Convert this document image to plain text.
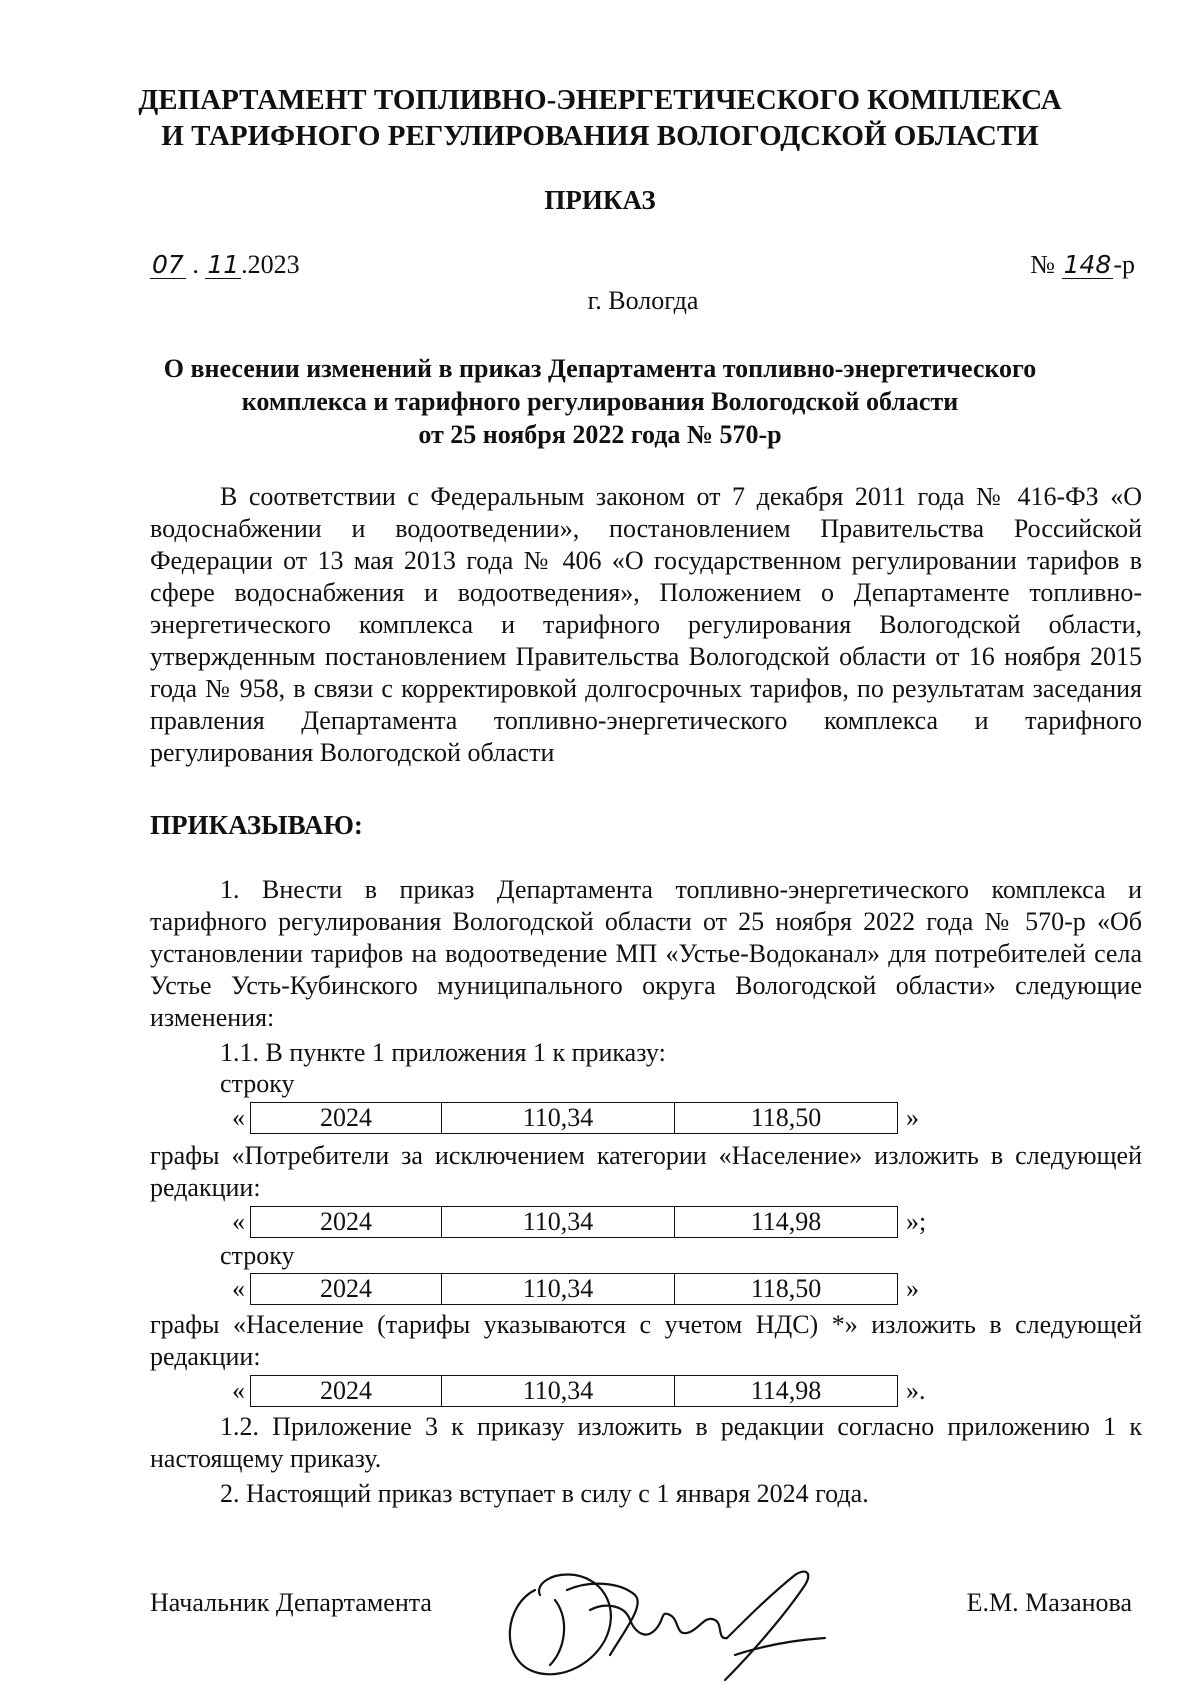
ДЕПАРТАМЕНТ ТОПЛИВНО-ЭНЕРГЕТИЧЕСКОГО КОМПЛЕКСА
И ТАРИФНОГО РЕГУЛИРОВАНИЯ ВОЛОГОДСКОЙ ОБЛАСТИ
ПРИКАЗ
07 . 11.2023	№ 148-р
г. Вологда
О внесении изменений в приказ Департамента топливно-энергетического
комплекса и тарифного регулирования Вологодской области
от 25 ноября 2022 года № 570-р
В соответствии с Федеральным законом от 7 декабря 2011 года № 416-ФЗ «О водоснабжении и водоотведении», постановлением Правительства Российской Федерации от 13 мая 2013 года № 406 «О государственном регулировании тарифов в сфере водоснабжения и водоотведения», Положением о Департаменте топливно-энергетического комплекса и тарифного регулирования Вологодской области, утвержденным постановлением Правительства Вологодской области от 16 ноября 2015 года № 958, в связи с корректировкой долгосрочных тарифов, по результатам заседания правления Департамента топливно-энергетического комплекса и тарифного регулирования Вологодской области
ПРИКАЗЫВАЮ:
1. Внести в приказ Департамента топливно-энергетического комплекса и тарифного регулирования Вологодской области от 25 ноября 2022 года № 570-р «Об установлении тарифов на водоотведение МП «Устье-Водоканал» для потребителей села Устье Усть-Кубинского муниципального округа Вологодской области» следующие изменения:
1.1. В пункте 1 приложения 1 к приказу:
строку
«	2024	110,34	118,50	»
графы «Потребители за исключением категории «Население» изложить в следующей редакции:
«	2024	110,34	114,98	»;
строку
«	2024	110,34	118,50	»
графы «Население (тарифы указываются с учетом НДС) *» изложить в следующей редакции:
«	2024	110,34	114,98	».
1.2. Приложение 3 к приказу изложить в редакции согласно приложению 1 к настоящему приказу.
2. Настоящий приказ вступает в силу с 1 января 2024 года.
Начальник Департамента	Е.М. Мазанова
